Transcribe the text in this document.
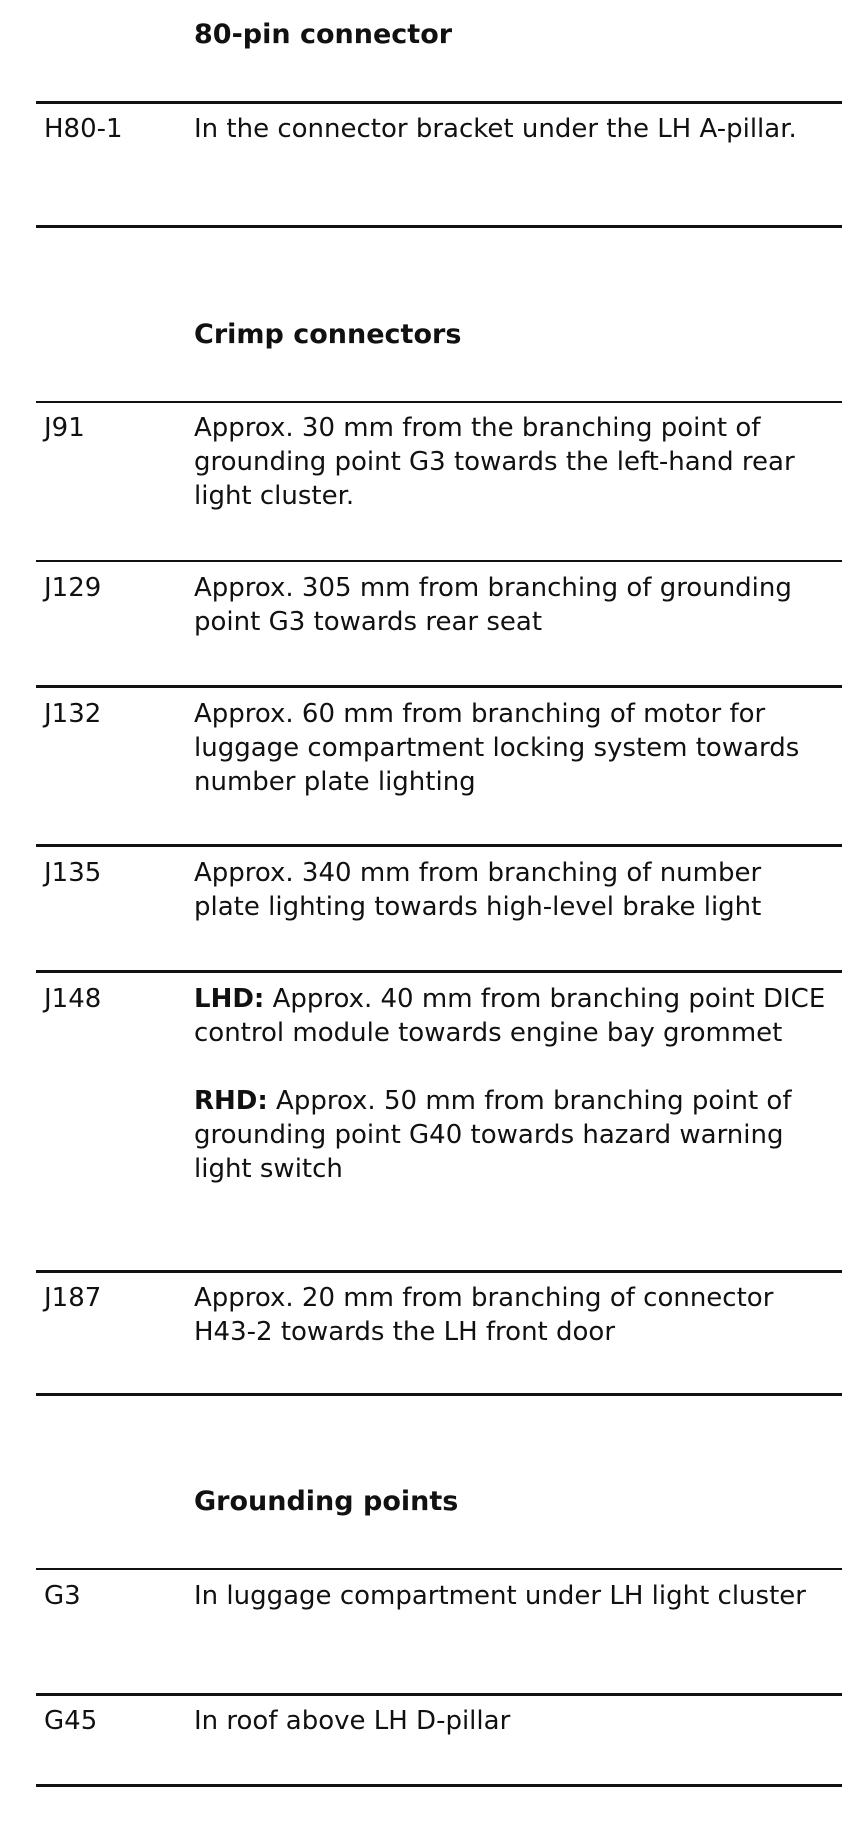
80-pin connector
H80-1	In the connector bracket under the LH A-pillar.

Crimp connectors
J91	Approx. 30 mm from the branching point of grounding point G3 towards the left-hand rear light cluster.

J129	Approx. 305 mm from branching of grounding point G3 towards rear seat

J132	Approx. 60 mm from branching of motor for luggage compartment locking system towards number plate lighting

J135	Approx. 340 mm from branching of number plate lighting towards high-level brake light

J148	LHD: Approx. 40 mm from branching point DICE control module towards engine bay grommet

RHD: Approx. 50 mm from branching point of grounding point G40 towards hazard warning light switch

J187	Approx. 20 mm from branching of connector H43-2 towards the LH front door

Grounding points
G3	In luggage compartment under LH light cluster

G45	In roof above LH D-pillar
